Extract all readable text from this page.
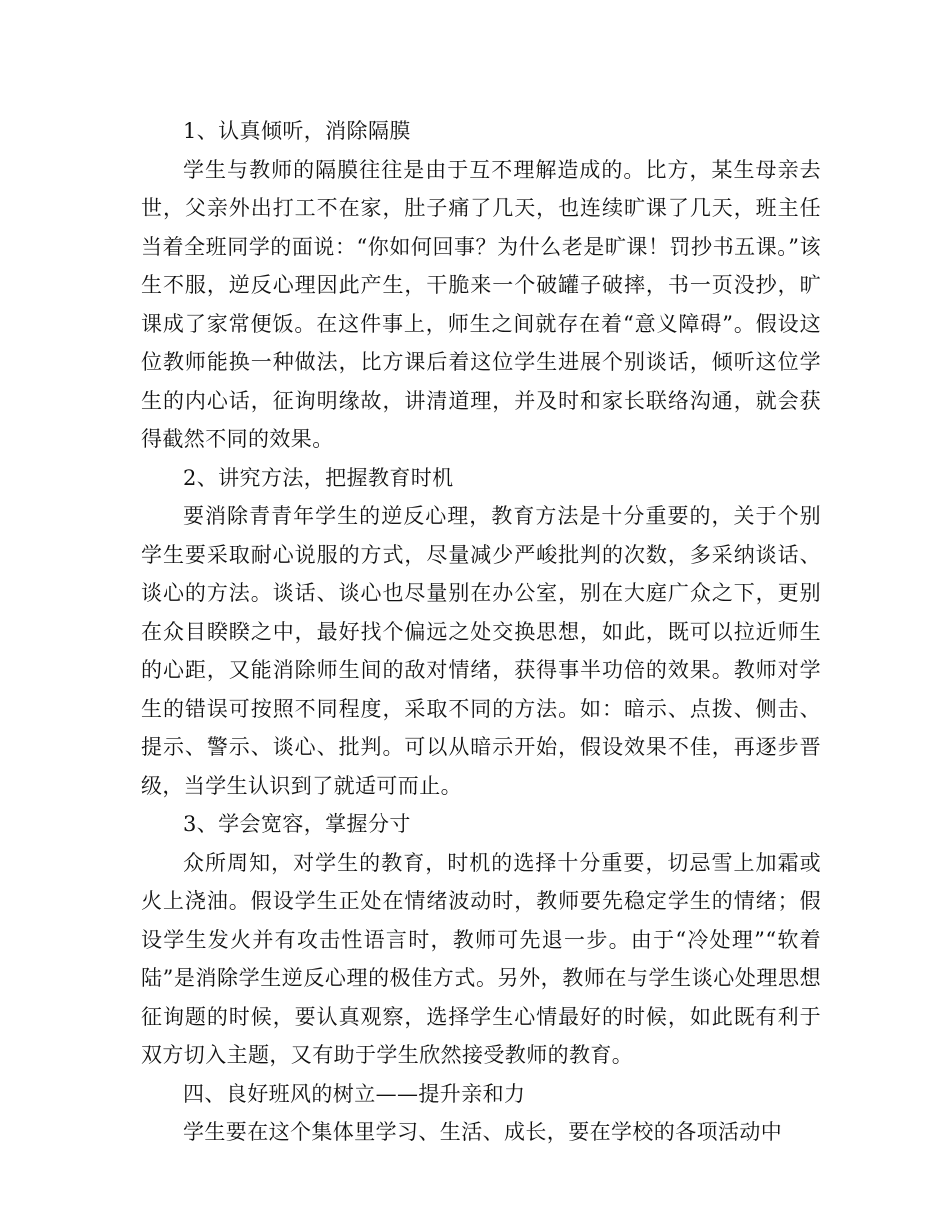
1、认真倾听，消除隔膜

学生与教师的隔膜往往是由于互不理解造成的。比方，某生母亲去世，父亲外出打工不在家，肚子痛了几天，也连续旷课了几天，班主任当着全班同学的面说：“你如何回事？为什么老是旷课！罚抄书五课。”该生不服，逆反心理因此产生，干脆来一个破罐子破摔，书一页没抄，旷课成了家常便饭。在这件事上，师生之间就存在着“意义障碍”。假设这位教师能换一种做法，比方课后着这位学生进展个别谈话，倾听这位学生的内心话，征询明缘故，讲清道理，并及时和家长联络沟通，就会获得截然不同的效果。

2、讲究方法，把握教育时机

要消除青青年学生的逆反心理，教育方法是十分重要的，关于个别学生要采取耐心说服的方式，尽量减少严峻批判的次数，多采纳谈话、谈心的方法。谈话、谈心也尽量别在办公室，别在大庭广众之下，更别在众目睽睽之中，最好找个偏远之处交换思想，如此，既可以拉近师生的心距，又能消除师生间的敌对情绪，获得事半功倍的效果。教师对学生的错误可按照不同程度，采取不同的方法。如：暗示、点拨、侧击、提示、警示、谈心、批判。可以从暗示开始，假设效果不佳，再逐步晋级，当学生认识到了就适可而止。

3、学会宽容，掌握分寸

众所周知，对学生的教育，时机的选择十分重要，切忌雪上加霜或火上浇油。假设学生正处在情绪波动时，教师要先稳定学生的情绪；假设学生发火并有攻击性语言时，教师可先退一步。由于“冷处理”“软着陆”是消除学生逆反心理的极佳方式。另外，教师在与学生谈心处理思想征询题的时候，要认真观察，选择学生心情最好的时候，如此既有利于双方切入主题，又有助于学生欣然接受教师的教育。

四、良好班风的树立——提升亲和力

学生要在这个集体里学习、生活、成长，要在学校的各项活动中
